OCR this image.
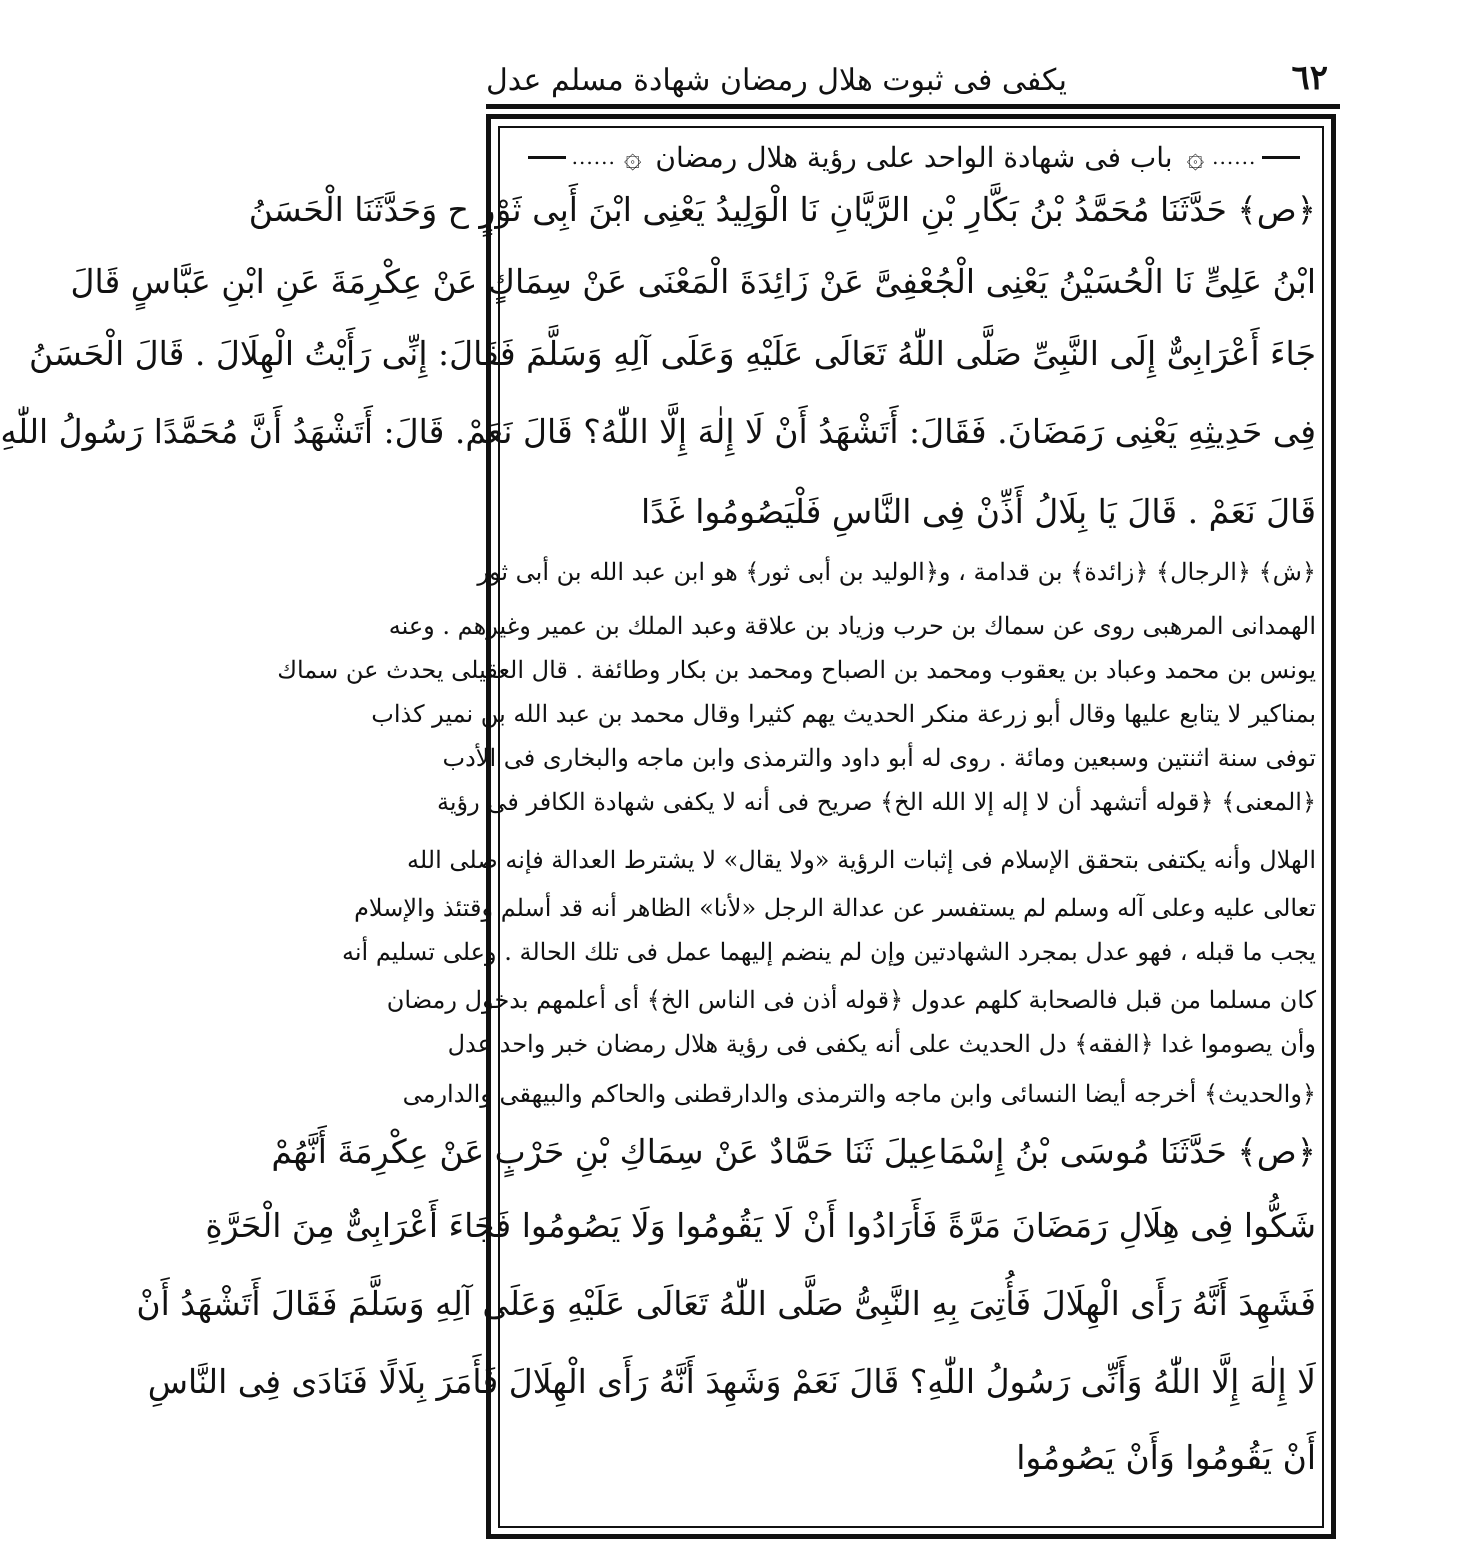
٦٢
يكفى فى ثبوت هلال رمضان شهادة مسلم عدل
......
۞
باب فى شهادة الواحد على رؤية هلال رمضان
۞
......
﴿ص﴾ حَدَّثَنَا مُحَمَّدُ بْنُ بَكَّارِ بْنِ الرَّيَّانِ نَا الْوَلِيدُ يَعْنِى ابْنَ أَبِى ثَوْرٍ ح وَحَدَّثَنَا الْحَسَنُ
ابْنُ عَلِىٍّ نَا الْحُسَيْنُ يَعْنِى الْجُعْفِىَّ عَنْ زَائِدَةَ الْمَعْنَى عَنْ سِمَاكٍ عَنْ عِكْرِمَةَ عَنِ ابْنِ عَبَّاسٍ قَالَ
جَاءَ أَعْرَابِىٌّ إِلَى النَّبِىِّ صَلَّى اللّٰهُ تَعَالَى عَلَيْهِ وَعَلَى آلِهِ وَسَلَّمَ فَقَالَ: إِنِّى رَأَيْتُ الْهِلَالَ . قَالَ الْحَسَنُ
فِى حَدِيثِهِ يَعْنِى رَمَضَانَ. فَقَالَ: أَتَشْهَدُ أَنْ لَا إِلٰهَ إِلَّا اللّٰهُ؟ قَالَ نَعَمْ. قَالَ: أَتَشْهَدُ أَنَّ مُحَمَّدًا رَسُولُ اللّٰهِ
قَالَ نَعَمْ . قَالَ يَا بِلَالُ أَذِّنْ فِى النَّاسِ فَلْيَصُومُوا غَدًا
﴿ش﴾ ﴿الرجال﴾ ﴿زائدة﴾ بن قدامة ، و﴿الوليد بن أبى ثور﴾ هو ابن عبد الله بن أبى ثور
الهمدانى المرهبى روى عن سماك بن حرب وزياد بن علاقة وعبد الملك بن عمير وغيرهم . وعنه
يونس بن محمد وعباد بن يعقوب ومحمد بن الصباح ومحمد بن بكار وطائفة . قال العقيلى يحدث عن سماك
بمناكير لا يتابع عليها وقال أبو زرعة منكر الحديث يهم كثيرا وقال محمد بن عبد الله بن نمير كذاب
توفى سنة اثنتين وسبعين ومائة . روى له أبو داود والترمذى وابن ماجه والبخارى فى الأدب
﴿المعنى﴾ ﴿قوله أتشهد أن لا إله إلا الله الخ﴾ صريح فى أنه لا يكفى شهادة الكافر فى رؤية
الهلال وأنه يكتفى بتحقق الإسلام فى إثبات الرؤية «ولا يقال» لا يشترط العدالة فإنه صلى الله
تعالى عليه وعلى آله وسلم لم يستفسر عن عدالة الرجل «لأنا» الظاهر أنه قد أسلم وقتئذ والإسلام
يجب ما قبله ، فهو عدل بمجرد الشهادتين وإن لم ينضم إليهما عمل فى تلك الحالة . وعلى تسليم أنه
كان مسلما من قبل فالصحابة كلهم عدول ﴿قوله أذن فى الناس الخ﴾ أى أعلمهم بدخول رمضان
وأن يصوموا غدا ﴿الفقه﴾ دل الحديث على أنه يكفى فى رؤية هلال رمضان خبر واحد عدل
﴿والحديث﴾ أخرجه أيضا النسائى وابن ماجه والترمذى والدارقطنى والحاكم والبيهقى والدارمى
﴿ص﴾ حَدَّثَنَا مُوسَى بْنُ إِسْمَاعِيلَ ثَنَا حَمَّادٌ عَنْ سِمَاكِ بْنِ حَرْبٍ عَنْ عِكْرِمَةَ أَنَّهُمْ
شَكُّوا فِى هِلَالِ رَمَضَانَ مَرَّةً فَأَرَادُوا أَنْ لَا يَقُومُوا وَلَا يَصُومُوا فَجَاءَ أَعْرَابِىٌّ مِنَ الْحَرَّةِ
فَشَهِدَ أَنَّهُ رَأَى الْهِلَالَ فَأُتِىَ بِهِ النَّبِىُّ صَلَّى اللّٰهُ تَعَالَى عَلَيْهِ وَعَلَى آلِهِ وَسَلَّمَ فَقَالَ أَتَشْهَدُ أَنْ
لَا إِلٰهَ إِلَّا اللّٰهُ وَأَنِّى رَسُولُ اللّٰهِ؟ قَالَ نَعَمْ وَشَهِدَ أَنَّهُ رَأَى الْهِلَالَ فَأَمَرَ بِلَالًا فَنَادَى فِى النَّاسِ
أَنْ يَقُومُوا وَأَنْ يَصُومُوا
